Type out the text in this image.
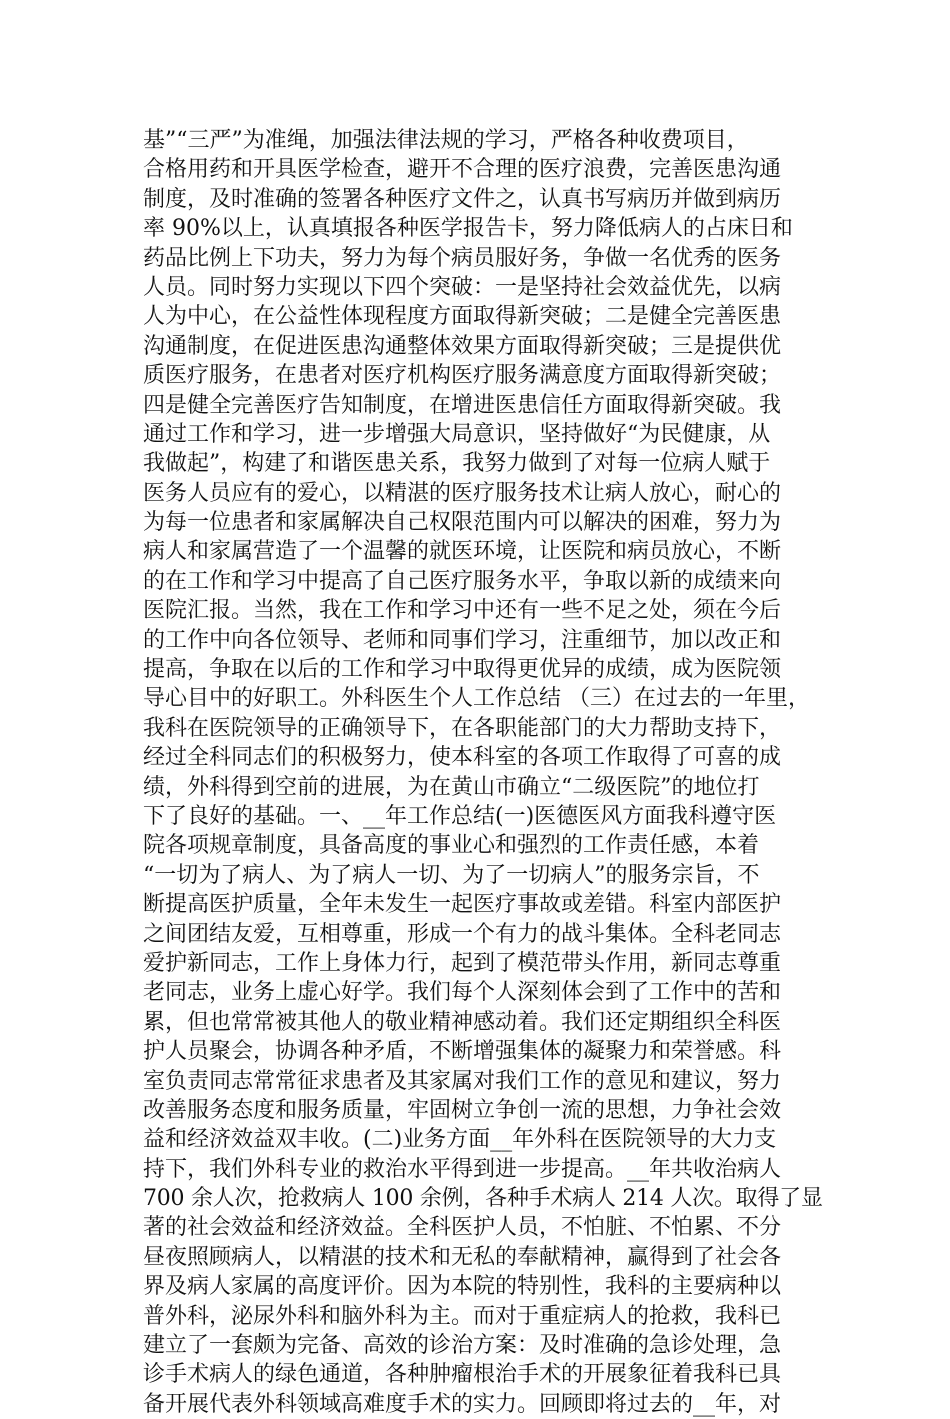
基”“三严”为准绳，加强法律法规的学习，严格各种收费项目，
合格用药和开具医学检查，避开不合理的医疗浪费，完善医患沟通
制度，及时准确的签署各种医疗文件之，认真书写病历并做到病历
率 90%以上，认真填报各种医学报告卡，努力降低病人的占床日和
药品比例上下功夫，努力为每个病员服好务，争做一名优秀的医务
人员。同时努力实现以下四个突破：一是坚持社会效益优先，以病
人为中心，在公益性体现程度方面取得新突破；二是健全完善医患
沟通制度，在促进医患沟通整体效果方面取得新突破；三是提供优
质医疗服务，在患者对医疗机构医疗服务满意度方面取得新突破；
四是健全完善医疗告知制度，在增进医患信任方面取得新突破。我
通过工作和学习，进一步增强大局意识，坚持做好“为民健康，从
我做起”，构建了和谐医患关系，我努力做到了对每一位病人赋于
医务人员应有的爱心，以精湛的医疗服务技术让病人放心，耐心的
为每一位患者和家属解决自己权限范围内可以解决的困难，努力为
病人和家属营造了一个温馨的就医环境，让医院和病员放心，不断
的在工作和学习中提高了自己医疗服务水平，争取以新的成绩来向
医院汇报。当然，我在工作和学习中还有一些不足之处，须在今后
的工作中向各位领导、老师和同事们学习，注重细节，加以改正和
提高，争取在以后的工作和学习中取得更优异的成绩，成为医院领
导心目中的好职工。外科医生个人工作总结 （三）在过去的一年里，
我科在医院领导的正确领导下，在各职能部门的大力帮助支持下，
经过全科同志们的积极努力，使本科室的各项工作取得了可喜的成
绩，外科得到空前的进展，为在黄山市确立“二级医院”的地位打
下了良好的基础。一、__年工作总结(一)医德医风方面我科遵守医
院各项规章制度，具备高度的事业心和强烈的工作责任感，本着
“一切为了病人、为了病人一切、为了一切病人”的服务宗旨，不
断提高医护质量，全年未发生一起医疗事故或差错。科室内部医护
之间团结友爱，互相尊重，形成一个有力的战斗集体。全科老同志
爱护新同志，工作上身体力行，起到了模范带头作用，新同志尊重
老同志，业务上虚心好学。我们每个人深刻体会到了工作中的苦和
累，但也常常被其他人的敬业精神感动着。我们还定期组织全科医
护人员聚会，协调各种矛盾，不断增强集体的凝聚力和荣誉感。科
室负责同志常常征求患者及其家属对我们工作的意见和建议，努力
改善服务态度和服务质量，牢固树立争创一流的思想，力争社会效
益和经济效益双丰收。(二)业务方面__年外科在医院领导的大力支
持下，我们外科专业的救治水平得到进一步提高。__年共收治病人
700 余人次，抢救病人 100 余例，各种手术病人 214 人次。取得了显
著的社会效益和经济效益。全科医护人员，不怕脏、不怕累、不分
昼夜照顾病人，以精湛的技术和无私的奉献精神，赢得到了社会各
界及病人家属的高度评价。因为本院的特别性，我科的主要病种以
普外科，泌尿外科和脑外科为主。而对于重症病人的抢救，我科已
建立了一套颇为完备、高效的诊治方案：及时准确的急诊处理，急
诊手术病人的绿色通道，各种肿瘤根治手术的开展象征着我科已具
备开展代表外科领域高难度手术的实力。回顾即将过去的__年，对
